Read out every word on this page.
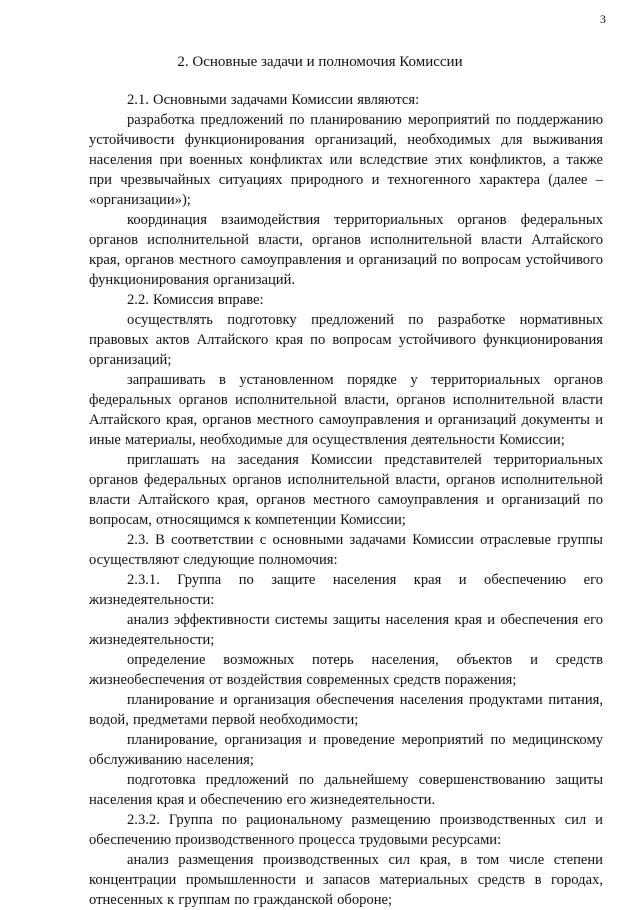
3
2. Основные задачи и полномочия Комиссии

2.1. Основными задачами Комиссии являются:

разработка предложений по планированию мероприятий по поддержанию устойчивости функционирования организаций, необходимых для выживания населения при военных конфликтах или вследствие этих конфликтов, а также при чрезвычайных ситуациях природного и техногенного характера (далее – «организации»);

координация взаимодействия территориальных органов федеральных органов исполнительной власти, органов исполнительной власти Алтайского края, органов местного самоуправления и организаций по вопросам устойчивого функционирования организаций.

2.2. Комиссия вправе:

осуществлять подготовку предложений по разработке нормативных правовых актов Алтайского края по вопросам устойчивого функционирования организаций;

запрашивать в установленном порядке у территориальных органов федеральных органов исполнительной власти, органов исполнительной власти Алтайского края, органов местного самоуправления и организаций документы и иные материалы, необходимые для осуществления деятельности Комиссии;

приглашать на заседания Комиссии представителей территориальных органов федеральных органов исполнительной власти, органов исполнительной власти Алтайского края, органов местного самоуправления и организаций по вопросам, относящимся к компетенции Комиссии;

2.3. В соответствии с основными задачами Комиссии отраслевые группы осуществляют следующие полномочия:

2.3.1. Группа по защите населения края и обеспечению его жизнедеятельности:

анализ эффективности системы защиты населения края и обеспечения его жизнедеятельности;

определение возможных потерь населения, объектов и средств жизнеобеспечения от воздействия современных средств поражения;

планирование и организация обеспечения населения продуктами питания, водой, предметами первой необходимости;

планирование, организация и проведение мероприятий по медицинскому обслуживанию населения;

подготовка предложений по дальнейшему совершенствованию защиты населения края и обеспечению его жизнедеятельности.

2.3.2. Группа по рациональному размещению производственных сил и обеспечению производственного процесса трудовыми ресурсами:

анализ размещения производственных сил края, в том числе степени концентрации промышленности и запасов материальных средств в городах, отнесенных к группам по гражданской обороне;
